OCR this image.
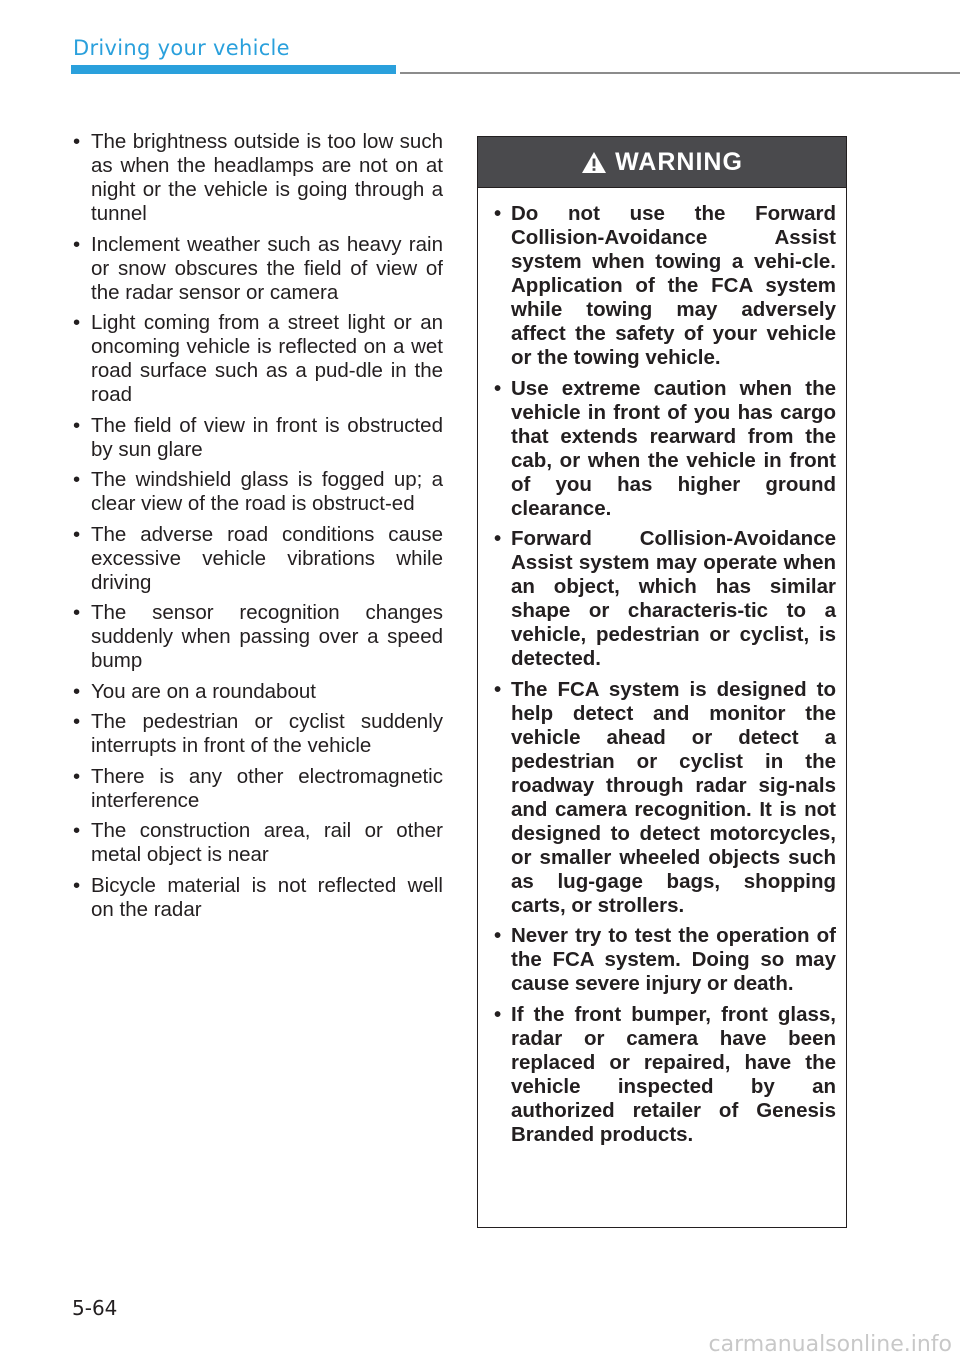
Driving your vehicle
• The brightness outside is too low such as when the headlamps are not on at night or the vehicle is going through a tunnel
• Inclement weather such as heavy rain or snow obscures the field of view of the radar sensor or camera
• Light coming from a street light or an oncoming vehicle is reflected on a wet road surface such as a pud-dle in the road
• The field of view in front is obstructed by sun glare
• The windshield glass is fogged up; a clear view of the road is obstruct-ed
• The adverse road conditions cause excessive vehicle vibrations while driving
• The sensor recognition changes suddenly when passing over a speed bump
• You are on a roundabout
• The pedestrian or cyclist suddenly interrupts in front of the vehicle
• There is any other electromagnetic interference
• The construction area, rail or other metal object is near
• Bicycle material is not reflected well on the radar
WARNING
• Do not use the Forward Collision-Avoidance Assist system when towing a vehi-cle. Application of the FCA system while towing may adversely affect the safety of your vehicle or the towing vehicle.
• Use extreme caution when the vehicle in front of you has cargo that extends rearward from the cab, or when the vehicle in front of you has higher ground clearance.
• Forward Collision-Avoidance Assist system may operate when an object, which has similar shape or characteris-tic to a vehicle, pedestrian or cyclist, is detected.
• The FCA system is designed to help detect and monitor the vehicle ahead or detect a pedestrian or cyclist in the roadway through radar sig-nals and camera recognition. It is not designed to detect motorcycles, or smaller wheeled objects such as lug-gage bags, shopping carts, or strollers.
• Never try to test the operation of the FCA system. Doing so may cause severe injury or death.
• If the front bumper, front glass, radar or camera have been replaced or repaired, have the vehicle inspected by an authorized retailer of Genesis Branded products.
5-64
carmanualsonline.info
